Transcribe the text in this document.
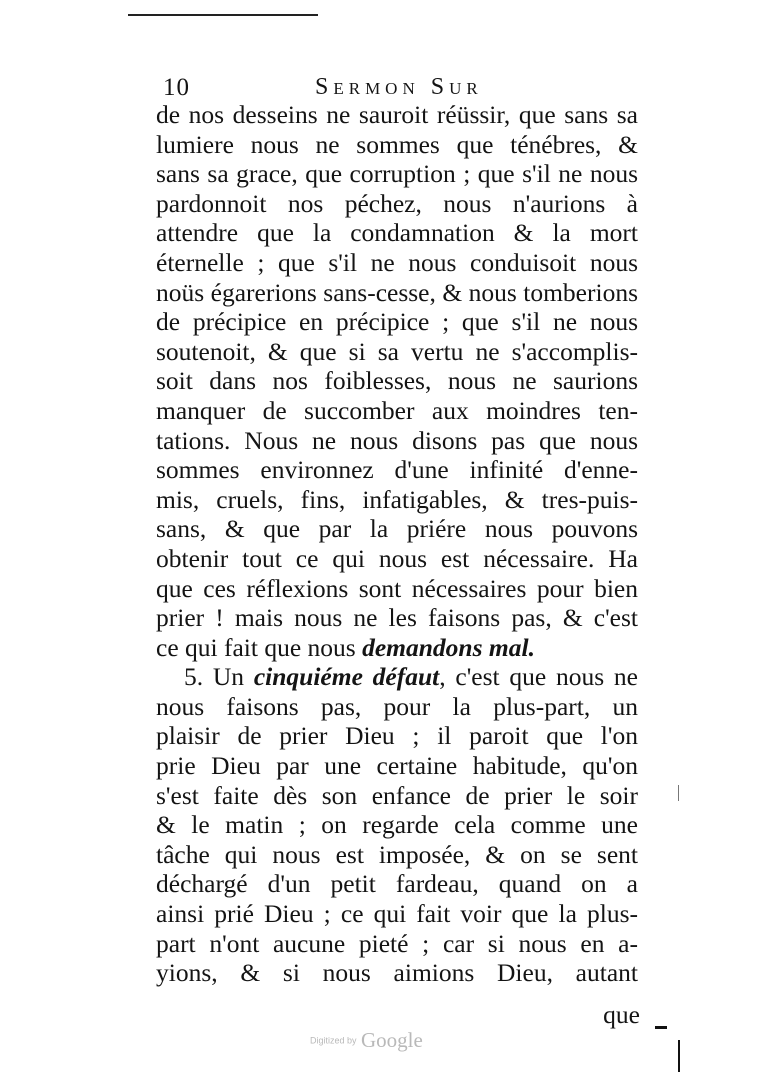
10	Sermon Sur
de nos desseins ne sauroit réüssir, que sans sa
lumiere nous ne sommes que ténébres, &
sans sa grace, que corruption ; que s'il ne nous
pardonnoit nos péchez, nous n'aurions à
attendre que la condamnation & la mort
éternelle ; que s'il ne nous conduisoit nous
noüs égarerions sans-cesse, & nous tomberions
de précipice en précipice ; que s'il ne nous
soutenoit, & que si sa vertu ne s'accomplis-
soit dans nos foiblesses, nous ne saurions
manquer de succomber aux moindres ten-
tations. Nous ne nous disons pas que nous
sommes environnez d'une infinité d'enne-
mis, cruels, fins, infatigables, & tres-puis-
sans, & que par la priére nous pouvons
obtenir tout ce qui nous est nécessaire. Ha
que ces réflexions sont nécessaires pour bien
prier ! mais nous ne les faisons pas, & c'est
ce qui fait que nous demandons mal.
5. Un cinquiéme défaut, c'est que nous ne
nous faisons pas, pour la plus-part, un
plaisir de prier Dieu ; il paroit que l'on
prie Dieu par une certaine habitude, qu'on
s'est faite dès son enfance de prier le soir
& le matin ; on regarde cela comme une
tâche qui nous est imposée, & on se sent
déchargé d'un petit fardeau, quand on a
ainsi prié Dieu ; ce qui fait voir que la plus-
part n'ont aucune pieté ; car si nous en a-
yions, & si nous aimions Dieu, autant
que
Digitized by Google
